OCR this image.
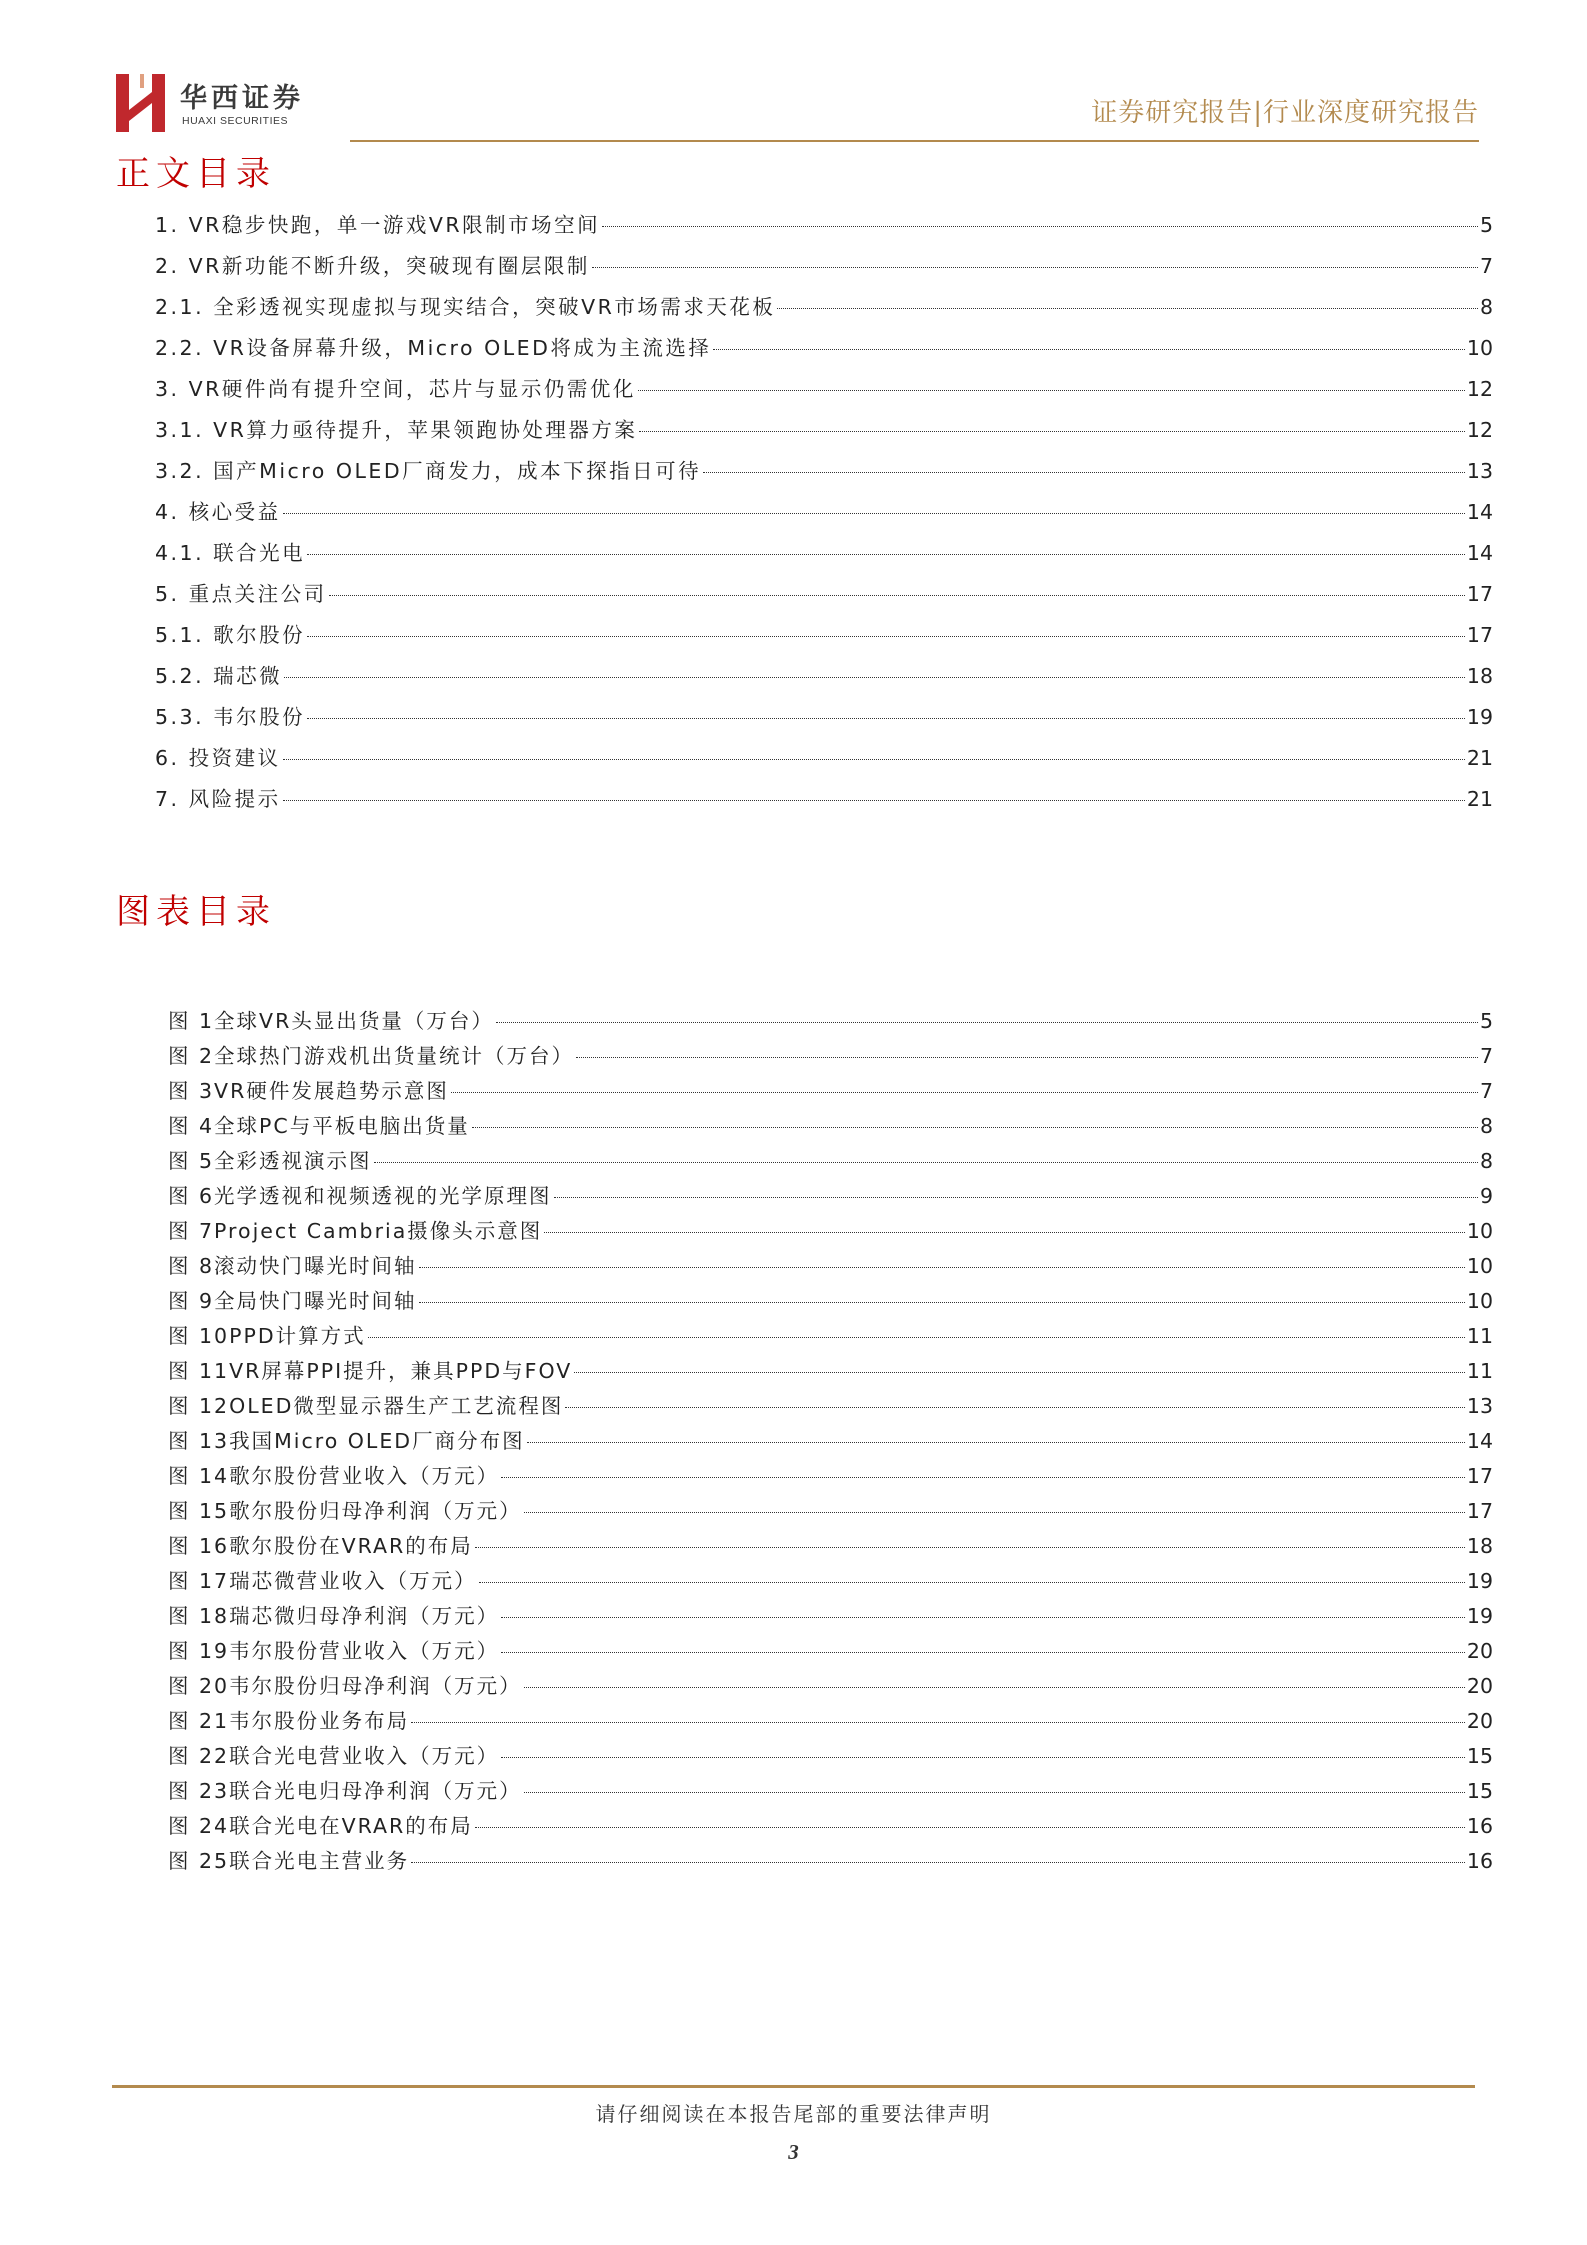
华西证券
HUAXI SECURITIES	证券研究报告|行业深度研究报告
正文目录
1. VR稳步快跑，单一游戏VR限制市场空间	5
2. VR新功能不断升级，突破现有圈层限制	7
2.1. 全彩透视实现虚拟与现实结合，突破VR市场需求天花板	8
2.2. VR设备屏幕升级，Micro OLED将成为主流选择	10
3. VR硬件尚有提升空间，芯片与显示仍需优化	12
3.1. VR算力亟待提升，苹果领跑协处理器方案	12
3.2. 国产Micro OLED厂商发力，成本下探指日可待	13
4. 核心受益	14
4.1. 联合光电	14
5. 重点关注公司	17
5.1. 歌尔股份	17
5.2. 瑞芯微	18
5.3. 韦尔股份	19
6. 投资建议	21
7. 风险提示	21
图表目录
图 1全球VR头显出货量（万台）	5
图 2全球热门游戏机出货量统计（万台）	7
图 3VR硬件发展趋势示意图	7
图 4全球PC与平板电脑出货量	8
图 5全彩透视演示图	8
图 6光学透视和视频透视的光学原理图	9
图 7Project Cambria摄像头示意图	10
图 8滚动快门曝光时间轴	10
图 9全局快门曝光时间轴	10
图 10PPD计算方式	11
图 11VR屏幕PPI提升，兼具PPD与FOV	11
图 12OLED微型显示器生产工艺流程图	13
图 13我国Micro OLED厂商分布图	14
图 14歌尔股份营业收入（万元）	17
图 15歌尔股份归母净利润（万元）	17
图 16歌尔股份在VRAR的布局	18
图 17瑞芯微营业收入（万元）	19
图 18瑞芯微归母净利润（万元）	19
图 19韦尔股份营业收入（万元）	20
图 20韦尔股份归母净利润（万元）	20
图 21韦尔股份业务布局	20
图 22联合光电营业收入（万元）	15
图 23联合光电归母净利润（万元）	15
图 24联合光电在VRAR的布局	16
图 25联合光电主营业务	16
请仔细阅读在本报告尾部的重要法律声明
3
